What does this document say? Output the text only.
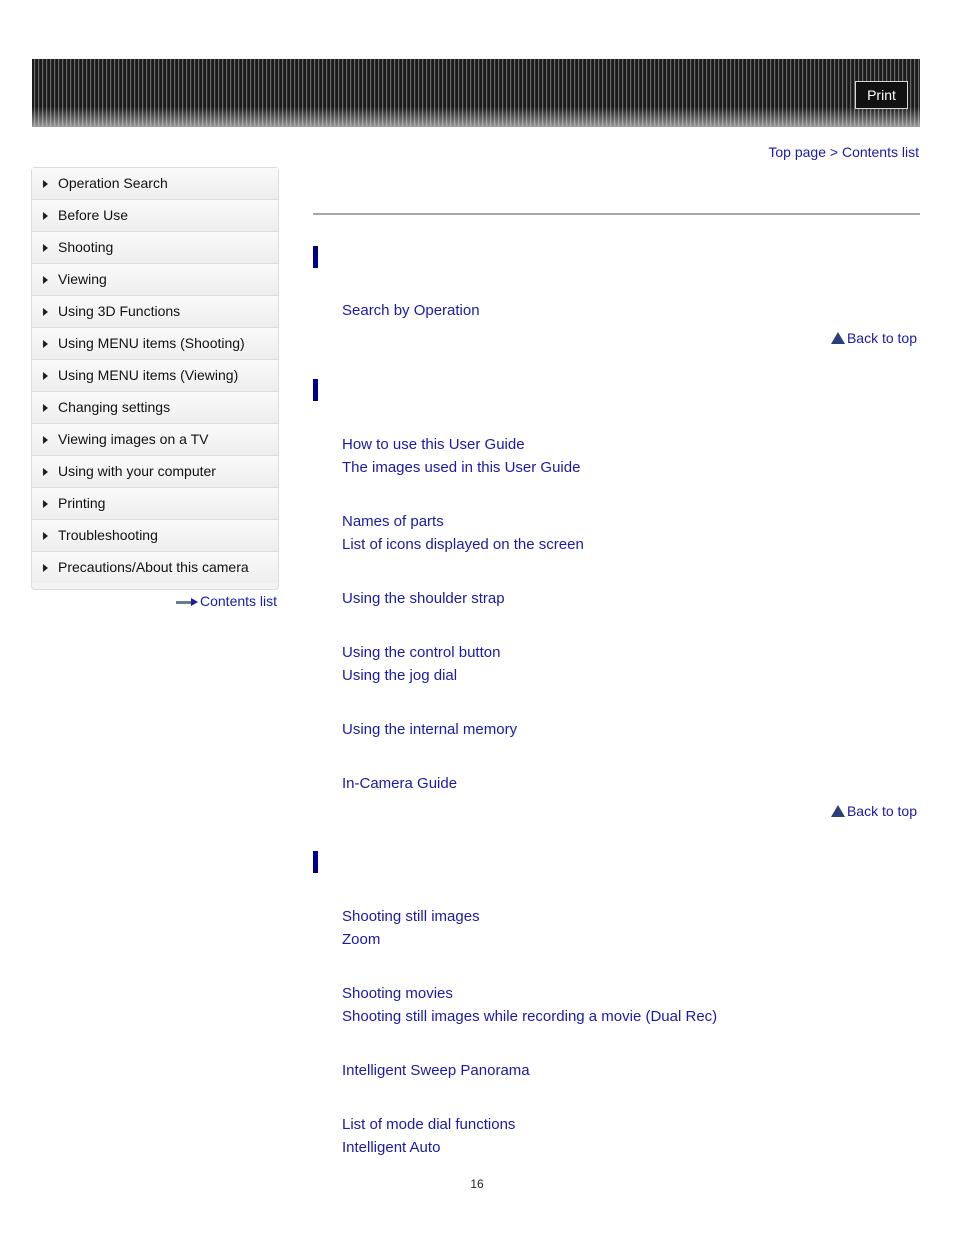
Print
Top page > Contents list
Operation Search
Before Use
Shooting
Viewing
Using 3D Functions
Using MENU items (Shooting)
Using MENU items (Viewing)
Changing settings
Viewing images on a TV
Using with your computer
Printing
Troubleshooting
Precautions/About this camera
Contents list
Search by Operation
Back to top
How to use this User Guide
The images used in this User Guide
Names of parts
List of icons displayed on the screen
Using the shoulder strap
Using the control button
Using the jog dial
Using the internal memory
In-Camera Guide
Back to top
Shooting still images
Zoom
Shooting movies
Shooting still images while recording a movie (Dual Rec)
Intelligent Sweep Panorama
List of mode dial functions
Intelligent Auto
16
